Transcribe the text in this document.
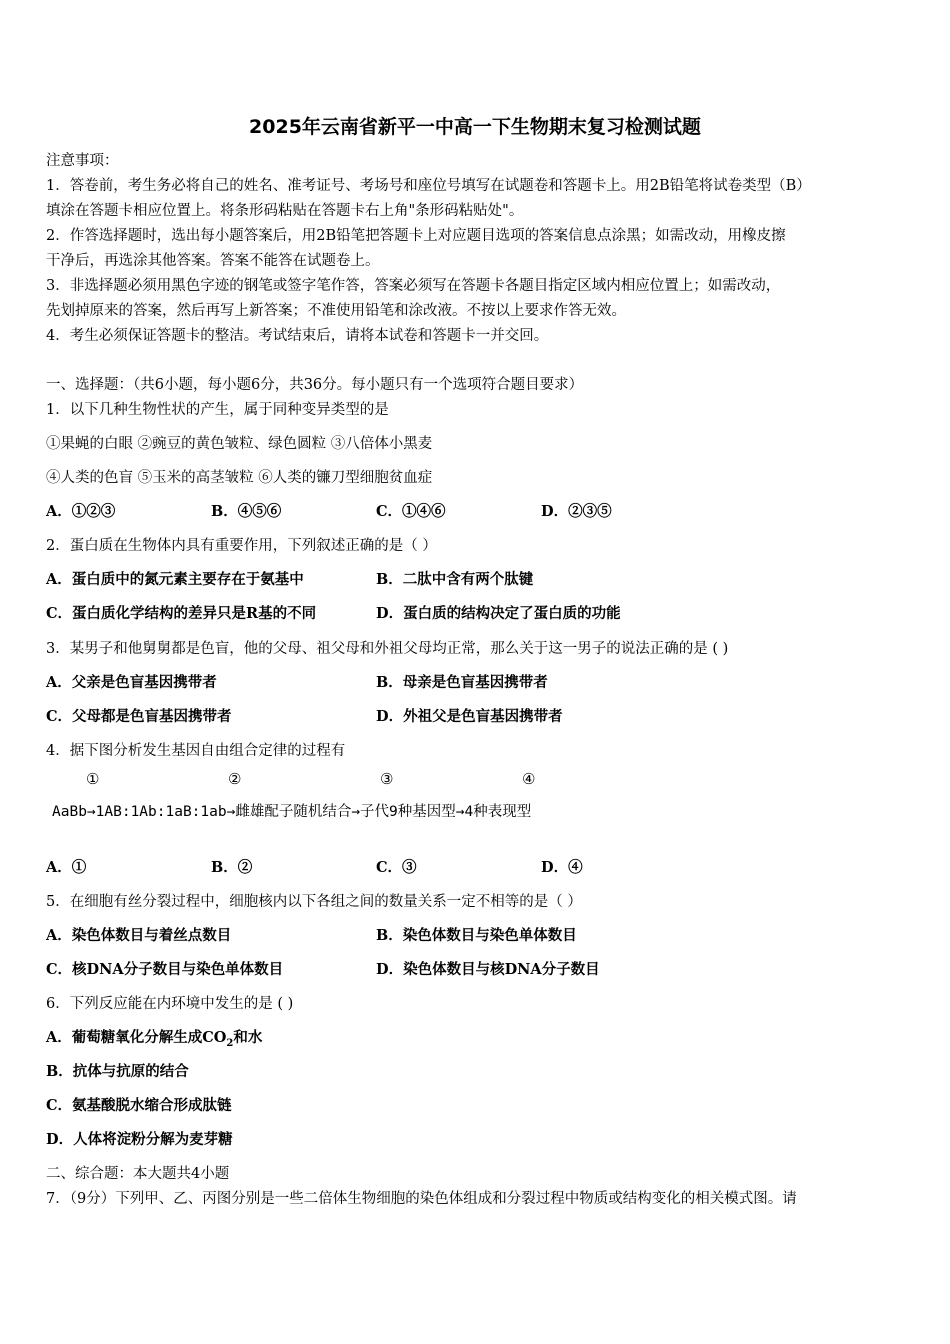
2025年云南省新平一中高一下生物期末复习检测试题
注意事项：
1．答卷前，考生务必将自己的姓名、准考证号、考场号和座位号填写在试题卷和答题卡上。用2B铅笔将试卷类型（B）
填涂在答题卡相应位置上。将条形码粘贴在答题卡右上角"条形码粘贴处"。
2．作答选择题时，选出每小题答案后，用2B铅笔把答题卡上对应题目选项的答案信息点涂黑；如需改动，用橡皮擦
干净后，再选涂其他答案。答案不能答在试题卷上。
3．非选择题必须用黑色字迹的钢笔或签字笔作答，答案必须写在答题卡各题目指定区域内相应位置上；如需改动，
先划掉原来的答案，然后再写上新答案；不准使用铅笔和涂改液。不按以上要求作答无效。
4．考生必须保证答题卡的整洁。考试结束后，请将本试卷和答题卡一并交回。
一、选择题：（共6小题，每小题6分，共36分。每小题只有一个选项符合题目要求）
1．以下几种生物性状的产生，属于同种变异类型的是
①果蝇的白眼 ②豌豆的黄色皱粒、绿色圆粒 ③八倍体小黑麦
④人类的色盲 ⑤玉米的高茎皱粒 ⑥人类的镰刀型细胞贫血症
A．①②③	B．④⑤⑥	C．①④⑥	D．②③⑤
2．蛋白质在生物体内具有重要作用，下列叙述正确的是（ ）
A．蛋白质中的氮元素主要存在于氨基中	B．二肽中含有两个肽键
C．蛋白质化学结构的差异只是R基的不同	D．蛋白质的结构决定了蛋白质的功能
3．某男子和他舅舅都是色盲，他的父母、祖父母和外祖父母均正常，那么关于这一男子的说法正确的是 ( )
A．父亲是色盲基因携带者	B．母亲是色盲基因携带者
C．父母都是色盲基因携带者	D．外祖父是色盲基因携带者
4．据下图分析发生基因自由组合定律的过程有
①	②	③	④
AaBb→1AB:1Ab:1aB:1ab→雌雄配子随机结合→子代9种基因型→4种表现型
A．①	B．②	C．③	D．④
5．在细胞有丝分裂过程中，细胞核内以下各组之间的数量关系一定不相等的是（ ）
A．染色体数目与着丝点数目	B．染色体数目与染色单体数目
C．核DNA分子数目与染色单体数目	D．染色体数目与核DNA分子数目
6．下列反应能在内环境中发生的是 ( )
A．葡萄糖氧化分解生成$CO_2$和水
B．抗体与抗原的结合
C．氨基酸脱水缩合形成肽链
D．人体将淀粉分解为麦芽糖
二、综合题：本大题共4小题
7．（9分）下列甲、乙、丙图分别是一些二倍体生物细胞的染色体组成和分裂过程中物质或结构变化的相关模式图。请
